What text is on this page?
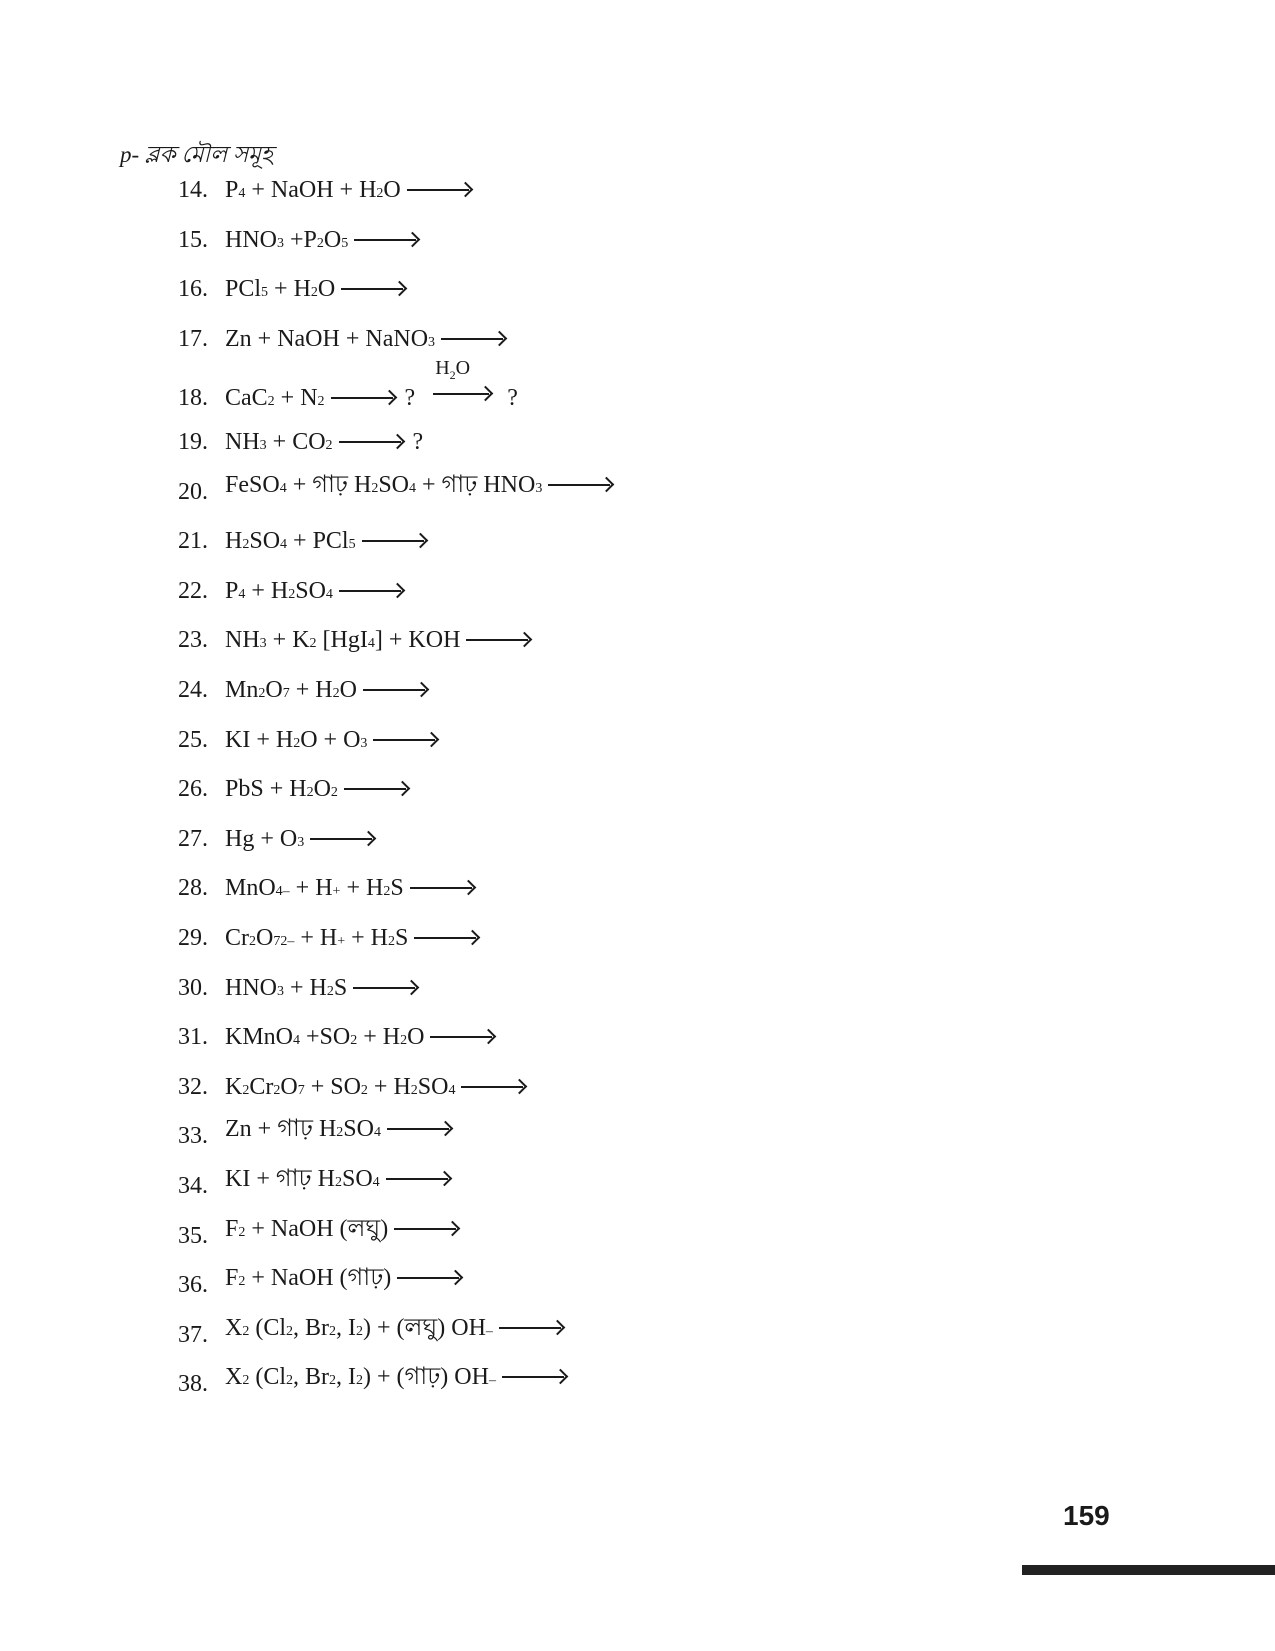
p- ব্লক মৌল সমূহ
14. P 4 + NaOH + H 2 O
15. HNO 3 +P 2 O 5
16. PCl 5 + H 2 O
17. Zn + NaOH + NaNO 3
18. CaC 2 + N 2	?
$H_2O$
?
19. NH 3 + CO 2	?
20. FeSO 4 + গাঢ় H 2 SO 4 + গাঢ় HNO 3
21. H 2 SO 4 + PCl 5
22. P 4 + H 2 SO 4
23. NH 3 + K 2 [HgI 4 ] + KOH
24. Mn 2 O 7 + H 2 O
25. KI + H 2 O + O 3
26. PbS + H 2 O 2
27. Hg + O 3
28. MnO 4 – + H + + H 2 S
29. Cr 2 O 7 2– + H + + H 2 S
30. HNO 3 + H 2 S
31. KMnO 4 +SO 2 + H 2 O
32. K 2 Cr 2 O 7 + SO 2 + H 2 SO 4
33. Zn + গাঢ় H 2 SO 4
34. KI + গাঢ় H 2 SO 4
35. F 2 + NaOH (লঘু)
36. F 2 + NaOH (গাঢ়)
37. X 2 (Cl 2 , Br 2 , I 2 ) + (লঘু) OH –
38. X 2 (Cl 2 , Br 2 , I 2 ) + (গাঢ়) OH –
159
